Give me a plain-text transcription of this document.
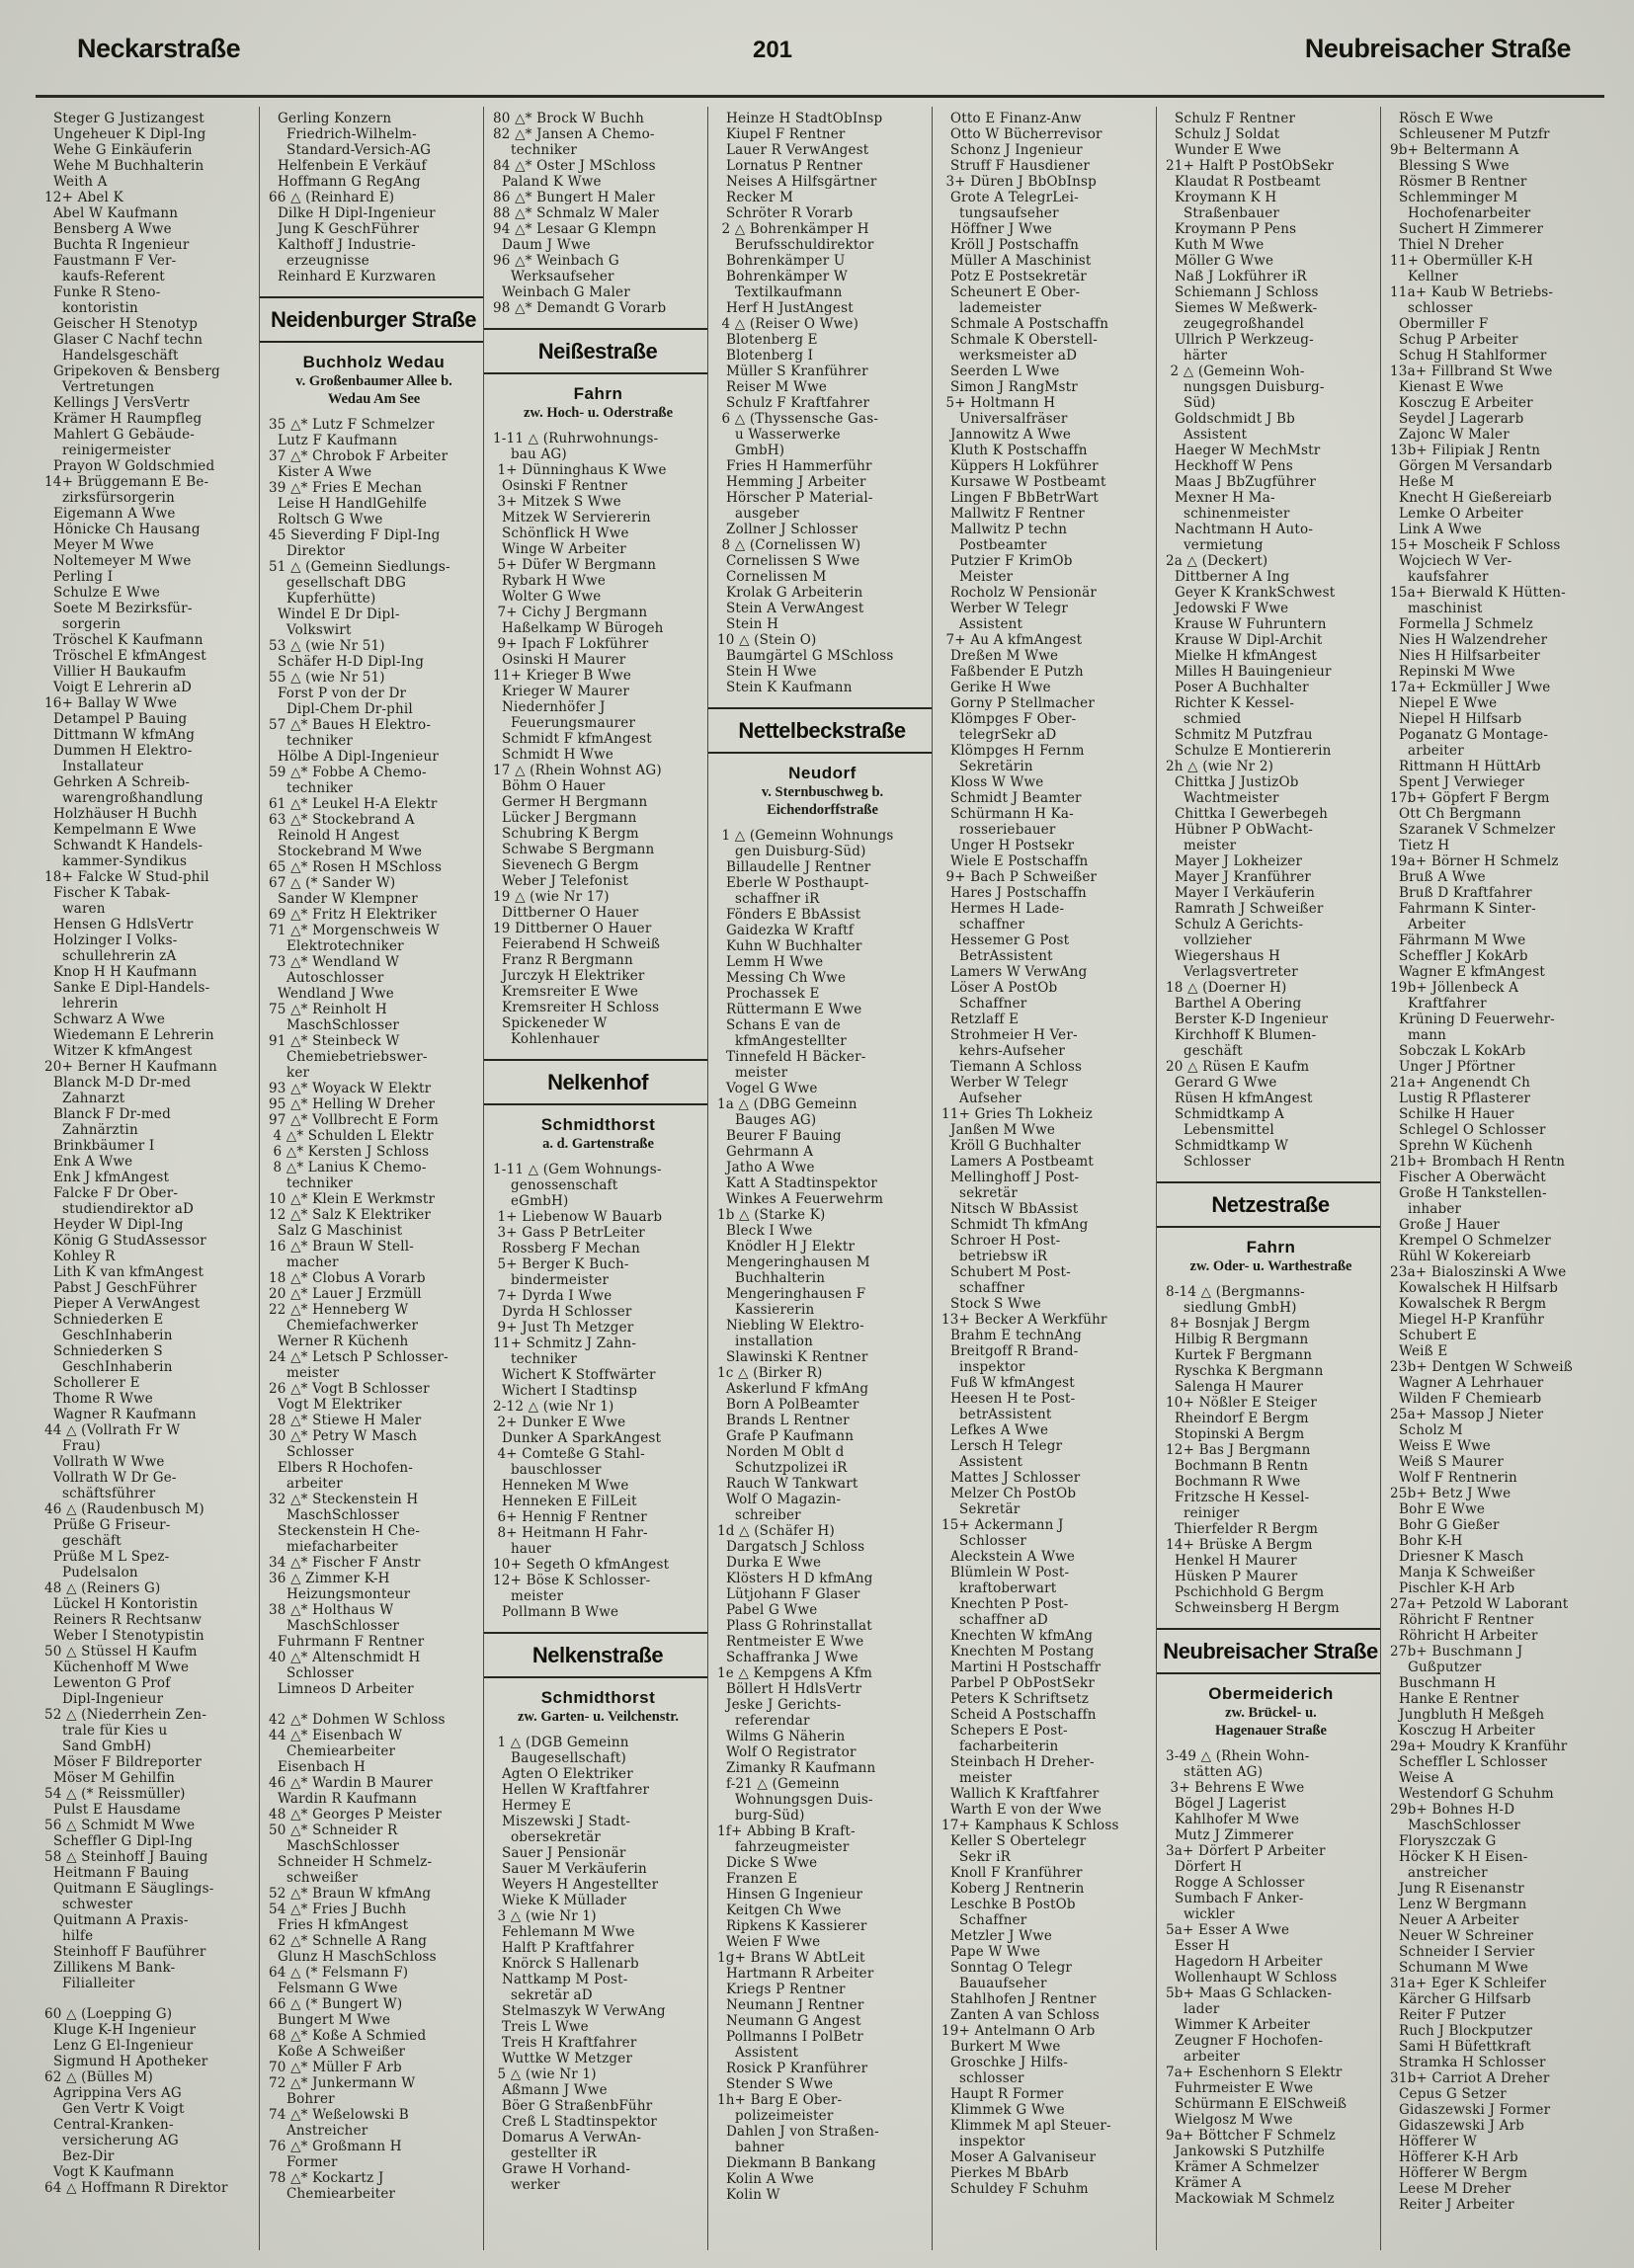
Neckarstraße	201	Neubreisacher Straße
Steger G Justizangest
Ungeheuer K Dipl-Ing
Wehe G Einkäuferin
Wehe M Buchhalterin
Weith A
12+ Abel K
Abel W Kaufmann
Bensberg A Wwe
Buchta R Ingenieur
Faustmann F Ver-
kaufs-Referent
Funke R Steno-
kontoristin
Geischer H Stenotyp
Glaser C Nachf techn
Handelsgeschäft
Gripekoven & Bensberg
Vertretungen
Kellings J VersVertr
Krämer H Raumpfleg
Mahlert G Gebäude-
reinigermeister
Prayon W Goldschmied
14+ Brüggemann E Be-
zirksfürsorgerin
Eigemann A Wwe
Hönicke Ch Hausang
Meyer M Wwe
Noltemeyer M Wwe
Perling I
Schulze E Wwe
Soete M Bezirksfür-
sorgerin
Tröschel K Kaufmann
Tröschel E kfmAngest
Villier H Baukaufm
Voigt E Lehrerin aD
16+ Ballay W Wwe
Detampel P Bauing
Dittmann W kfmAng
Dummen H Elektro-
Installateur
Gehrken A Schreib-
warengroßhandlung
Holzhäuser H Buchh
Kempelmann E Wwe
Schwandt K Handels-
kammer-Syndikus
18+ Falcke W Stud-phil
Fischer K Tabak-
waren
Hensen G HdlsVertr
Holzinger I Volks-
schullehrerin zA
Knop H H Kaufmann
Sanke E Dipl-Handels-
lehrerin
Schwarz A Wwe
Wiedemann E Lehrerin
Witzer K kfmAngest
20+ Berner H Kaufmann
Blanck M-D Dr-med
Zahnarzt
Blanck F Dr-med
Zahnärztin
Brinkbäumer I
Enk A Wwe
Enk J kfmAngest
Falcke F Dr Ober-
studiendirektor aD
Heyder W Dipl-Ing
König G StudAssessor
Kohley R
Lith K van kfmAngest
Pabst J GeschFührer
Pieper A VerwAngest
Schniederken E
GeschInhaberin
Schniederken S
GeschInhaberin
Schollerer E
Thome R Wwe
Wagner R Kaufmann
44 △ (Vollrath Fr W
Frau)
Vollrath W Wwe
Vollrath W Dr Ge-
schäftsführer
46 △ (Raudenbusch M)
Prüße G Friseur-
geschäft
Prüße M L Spez-
Pudelsalon
48 △ (Reiners G)
Lückel H Kontoristin
Reiners R Rechtsanw
Weber I Stenotypistin
50 △ Stüssel H Kaufm
Küchenhoff M Wwe
Lewenton G Prof
Dipl-Ingenieur
52 △ (Niederrhein Zen-
trale für Kies u
Sand GmbH)
Möser F Bildreporter
Möser M Gehilfin
54 △ (* Reissmüller)
Pulst E Hausdame
56 △ Schmidt M Wwe
Scheffler G Dipl-Ing
58 △ Steinhoff J Bauing
Heitmann F Bauing
Quitmann E Säuglings-
schwester
Quitmann A Praxis-
hilfe
Steinhoff F Bauführer
Zillikens M Bank-
Filialleiter
60 △ (Loepping G)
Kluge K-H Ingenieur
Lenz G El-Ingenieur
Sigmund H Apotheker
62 △ (Bülles M)
Agrippina Vers AG
Gen Vertr K Voigt
Central-Kranken-
versicherung AG
Bez-Dir
Vogt K Kaufmann
64 △ Hoffmann R Direktor
Gerling Konzern
Friedrich-Wilhelm-
Standard-Versich-AG
Helfenbein E Verkäuf
Hoffmann G RegAng
66 △ (Reinhard E)
Dilke H Dipl-Ingenieur
Jung K GeschFührer
Kalthoff J Industrie-
erzeugnisse
Reinhard E Kurzwaren
Neidenburger Straße
Buchholz Wedau
v. Großenbaumer Allee b.
Wedau Am See
35 △* Lutz F Schmelzer
Lutz F Kaufmann
37 △* Chrobok F Arbeiter
Kister A Wwe
39 △* Fries E Mechan
Leise H HandlGehilfe
Roltsch G Wwe
45 Sieverding F Dipl-Ing
Direktor
51 △ (Gemeinn Siedlungs-
gesellschaft DBG
Kupferhütte)
Windel E Dr Dipl-
Volkswirt
53 △ (wie Nr 51)
Schäfer H-D Dipl-Ing
55 △ (wie Nr 51)
Forst P von der Dr
Dipl-Chem Dr-phil
57 △* Baues H Elektro-
techniker
Hölbe A Dipl-Ingenieur
59 △* Fobbe A Chemo-
techniker
61 △* Leukel H-A Elektr
63 △* Stockebrand A
Reinold H Angest
Stockebrand M Wwe
65 △* Rosen H MSchloss
67 △ (* Sander W)
Sander W Klempner
69 △* Fritz H Elektriker
71 △* Morgenschweis W
Elektrotechniker
73 △* Wendland W
Autoschlosser
Wendland J Wwe
75 △* Reinholt H
MaschSchlosser
91 △* Steinbeck W
Chemiebetriebswer-
ker
93 △* Woyack W Elektr
95 △* Helling W Dreher
97 △* Vollbrecht E Form
4 △* Schulden L Elektr
6 △* Kersten J Schloss
8 △* Lanius K Chemo-
techniker
10 △* Klein E Werkmstr
12 △* Salz K Elektriker
Salz G Maschinist
16 △* Braun W Stell-
macher
18 △* Clobus A Vorarb
20 △* Lauer J Erzmüll
22 △* Henneberg W
Chemiefachwerker
Werner R Küchenh
24 △* Letsch P Schlosser-
meister
26 △* Vogt B Schlosser
Vogt M Elektriker
28 △* Stiewe H Maler
30 △* Petry W Masch
Schlosser
Elbers R Hochofen-
arbeiter
32 △* Steckenstein H
MaschSchlosser
Steckenstein H Che-
miefacharbeiter
34 △* Fischer F Anstr
36 △ Zimmer K-H
Heizungsmonteur
38 △* Holthaus W
MaschSchlosser
Fuhrmann F Rentner
40 △* Altenschmidt H
Schlosser
Limneos D Arbeiter
42 △* Dohmen W Schloss
44 △* Eisenbach W
Chemiearbeiter
Eisenbach H
46 △* Wardin B Maurer
Wardin R Kaufmann
48 △* Georges P Meister
50 △* Schneider R
MaschSchlosser
Schneider H Schmelz-
schweißer
52 △* Braun W kfmAng
54 △* Fries J Buchh
Fries H kfmAngest
62 △* Schnelle A Rang
Glunz H MaschSchloss
64 △ (* Felsmann F)
Felsmann G Wwe
66 △ (* Bungert W)
Bungert M Wwe
68 △* Koße A Schmied
Koße A Schweißer
70 △* Müller F Arb
72 △* Junkermann W
Bohrer
74 △* Weßelowski B
Anstreicher
76 △* Großmann H
Former
78 △* Kockartz J
Chemiearbeiter
80 △* Brock W Buchh
82 △* Jansen A Chemo-
techniker
84 △* Oster J MSchloss
Paland K Wwe
86 △* Bungert H Maler
88 △* Schmalz W Maler
94 △* Lesaar G Klempn
Daum J Wwe
96 △* Weinbach G
Werksaufseher
Weinbach G Maler
98 △* Demandt G Vorarb
Neißestraße
Fahrn
zw. Hoch- u. Oderstraße
1-11 △ (Ruhrwohnungs-
bau AG)
1+ Dünninghaus K Wwe
Osinski F Rentner
3+ Mitzek S Wwe
Mitzek W Serviererin
Schönflick H Wwe
Winge W Arbeiter
5+ Düfer W Bergmann
Rybark H Wwe
Wolter G Wwe
7+ Cichy J Bergmann
Haßelkamp W Bürogeh
9+ Ipach F Lokführer
Osinski H Maurer
11+ Krieger B Wwe
Krieger W Maurer
Niedernhöfer J
Feuerungsmaurer
Schmidt F kfmAngest
Schmidt H Wwe
17 △ (Rhein Wohnst AG)
Böhm O Hauer
Germer H Bergmann
Lücker J Bergmann
Schubring K Bergm
Schwabe S Bergmann
Sievenech G Bergm
Weber J Telefonist
19 △ (wie Nr 17)
Dittberner O Hauer
19 Dittberner O Hauer
Feierabend H Schweiß
Franz R Bergmann
Jurczyk H Elektriker
Kremsreiter E Wwe
Kremsreiter H Schloss
Spickeneder W
Kohlenhauer
Nelkenhof
Schmidthorst
a. d. Gartenstraße
1-11 △ (Gem Wohnungs-
genossenschaft
eGmbH)
1+ Liebenow W Bauarb
3+ Gass P BetrLeiter
Rossberg F Mechan
5+ Berger K Buch-
bindermeister
7+ Dyrda I Wwe
Dyrda H Schlosser
9+ Just Th Metzger
11+ Schmitz J Zahn-
techniker
Wichert K Stoffwärter
Wichert I Stadtinsp
2-12 △ (wie Nr 1)
2+ Dunker E Wwe
Dunker A SparkAngest
4+ Comteße G Stahl-
bauschlosser
Henneken M Wwe
Henneken E FilLeit
6+ Hennig F Rentner
8+ Heitmann H Fahr-
hauer
10+ Segeth O kfmAngest
12+ Böse K Schlosser-
meister
Pollmann B Wwe
Nelkenstraße
Schmidthorst
zw. Garten- u. Veilchenstr.
1 △ (DGB Gemeinn
Baugesellschaft)
Agten O Elektriker
Hellen W Kraftfahrer
Hermey E
Miszewski J Stadt-
obersekretär
Sauer J Pensionär
Sauer M Verkäuferin
Weyers H Angestellter
Wieke K Müllader
3 △ (wie Nr 1)
Fehlemann M Wwe
Halft P Kraftfahrer
Knörck S Hallenarb
Nattkamp M Post-
sekretär aD
Stelmaszyk W VerwAng
Treis L Wwe
Treis H Kraftfahrer
Wuttke W Metzger
5 △ (wie Nr 1)
Aßmann J Wwe
Böer G StraßenbFühr
Creß L Stadtinspektor
Domarus A VerwAn-
gestellter iR
Grawe H Vorhand-
werker
Heinze H StadtObInsp
Kiupel F Rentner
Lauer R VerwAngest
Lornatus P Rentner
Neises A Hilfsgärtner
Recker M
Schröter R Vorarb
2 △ Bohrenkämper H
Berufsschuldirektor
Bohrenkämper U
Bohrenkämper W
Textilkaufmann
Herf H JustAngest
4 △ (Reiser O Wwe)
Blotenberg E
Blotenberg I
Müller S Kranführer
Reiser M Wwe
Schulz F Kraftfahrer
6 △ (Thyssensche Gas-
u Wasserwerke
GmbH)
Fries H Hammerführ
Hemming J Arbeiter
Hörscher P Material-
ausgeber
Zollner J Schlosser
8 △ (Cornelissen W)
Cornelissen S Wwe
Cornelissen M
Krolak G Arbeiterin
Stein A VerwAngest
Stein H
10 △ (Stein O)
Baumgärtel G MSchloss
Stein H Wwe
Stein K Kaufmann
Nettelbeckstraße
Neudorf
v. Sternbuschweg b.
Eichendorffstraße
1 △ (Gemeinn Wohnungs
gen Duisburg-Süd)
Billaudelle J Rentner
Eberle W Posthaupt-
schaffner iR
Fönders E BbAssist
Gaidezka W Kraftf
Kuhn W Buchhalter
Lemm H Wwe
Messing Ch Wwe
Prochassek E
Rüttermann E Wwe
Schans E van de
kfmAngestellter
Tinnefeld H Bäcker-
meister
Vogel G Wwe
1a △ (DBG Gemeinn
Bauges AG)
Beurer F Bauing
Gehrmann A
Jatho A Wwe
Katt A Stadtinspektor
Winkes A Feuerwehrm
1b △ (Starke K)
Bleck I Wwe
Knödler H J Elektr
Mengeringhausen M
Buchhalterin
Mengeringhausen F
Kassiererin
Niebling W Elektro-
installation
Slawinski K Rentner
1c △ (Birker R)
Askerlund F kfmAng
Born A PolBeamter
Brands L Rentner
Grafe P Kaufmann
Norden M Oblt d
Schutzpolizei iR
Rauch W Tankwart
Wolf O Magazin-
schreiber
1d △ (Schäfer H)
Dargatsch J Schloss
Durka E Wwe
Klösters H D kfmAng
Lütjohann F Glaser
Pabel G Wwe
Plass G Rohrinstallat
Rentmeister E Wwe
Schaffranka J Wwe
1e △ Kempgens A Kfm
Böllert H HdlsVertr
Jeske J Gerichts-
referendar
Wilms G Näherin
Wolf O Registrator
Zimanky R Kaufmann
f-21 △ (Gemeinn
Wohnungsgen Duis-
burg-Süd)
1f+ Abbing B Kraft-
fahrzeugmeister
Dicke S Wwe
Franzen E
Hinsen G Ingenieur
Keitgen Ch Wwe
Ripkens K Kassierer
Weien F Wwe
1g+ Brans W AbtLeit
Hartmann R Arbeiter
Kriegs P Rentner
Neumann J Rentner
Neumann G Angest
Pollmanns I PolBetr
Assistent
Rosick P Kranführer
Stender S Wwe
1h+ Barg E Ober-
polizeimeister
Dahlen J von Straßen-
bahner
Diekmann B Bankang
Kolin A Wwe
Kolin W
Otto E Finanz-Anw
Otto W Bücherrevisor
Schonz J Ingenieur
Struff F Hausdiener
3+ Düren J BbObInsp
Grote A TelegrLei-
tungsaufseher
Höffner J Wwe
Kröll J Postschaffn
Müller A Maschinist
Potz E Postsekretär
Scheunert E Ober-
lademeister
Schmale A Postschaffn
Schmale K Oberstell-
werksmeister aD
Seerden L Wwe
Simon J RangMstr
5+ Holtmann H
Universalfräser
Jannowitz A Wwe
Kluth K Postschaffn
Küppers H Lokführer
Kursawe W Postbeamt
Lingen F BbBetrWart
Mallwitz F Rentner
Mallwitz P techn
Postbeamter
Putzier F KrimOb
Meister
Rocholz W Pensionär
Werber W Telegr
Assistent
7+ Au A kfmAngest
Dreßen M Wwe
Faßbender E Putzh
Gerike H Wwe
Gorny P Stellmacher
Klömpges F Ober-
telegrSekr aD
Klömpges H Fernm
Sekretärin
Kloss W Wwe
Schmidt J Beamter
Schürmann H Ka-
rosseriebauer
Unger H Postsekr
Wiele E Postschaffn
9+ Bach P Schweißer
Hares J Postschaffn
Hermes H Lade-
schaffner
Hessemer G Post
BetrAssistent
Lamers W VerwAng
Löser A PostOb
Schaffner
Retzlaff E
Strohmeier H Ver-
kehrs-Aufseher
Tiemann A Schloss
Werber W Telegr
Aufseher
11+ Gries Th Lokheiz
Janßen M Wwe
Kröll G Buchhalter
Lamers A Postbeamt
Mellinghoff J Post-
sekretär
Nitsch W BbAssist
Schmidt Th kfmAng
Schroer H Post-
betriebsw iR
Schubert M Post-
schaffner
Stock S Wwe
13+ Becker A Werkführ
Brahm E technAng
Breitgoff R Brand-
inspektor
Fuß W kfmAngest
Heesen H te Post-
betrAssistent
Lefkes A Wwe
Lersch H Telegr
Assistent
Mattes J Schlosser
Melzer Ch PostOb
Sekretär
15+ Ackermann J
Schlosser
Aleckstein A Wwe
Blümlein W Post-
kraftoberwart
Knechten P Post-
schaffner aD
Knechten W kfmAng
Knechten M Postang
Martini H Postschaffr
Parbel P ObPostSekr
Peters K Schriftsetz
Scheid A Postschaffn
Schepers E Post-
facharbeiterin
Steinbach H Dreher-
meister
Wallich K Kraftfahrer
Warth E von der Wwe
17+ Kamphaus K Schloss
Keller S Obertelegr
Sekr iR
Knoll F Kranführer
Koberg J Rentnerin
Leschke B PostOb
Schaffner
Metzler J Wwe
Pape W Wwe
Sonntag O Telegr
Bauaufseher
Stahlhofen J Rentner
Zanten A van Schloss
19+ Antelmann O Arb
Burkert M Wwe
Groschke J Hilfs-
schlosser
Haupt R Former
Klimmek G Wwe
Klimmek M apl Steuer-
inspektor
Moser A Galvaniseur
Pierkes M BbArb
Schuldey F Schuhm
Schulz F Rentner
Schulz J Soldat
Wunder E Wwe
21+ Halft P PostObSekr
Klaudat R Postbeamt
Kroymann K H
Straßenbauer
Kroymann P Pens
Kuth M Wwe
Möller G Wwe
Naß J Lokführer iR
Schiemann J Schloss
Siemes W Meßwerk-
zeugegroßhandel
Ullrich P Werkzeug-
härter
2 △ (Gemeinn Woh-
nungsgen Duisburg-
Süd)
Goldschmidt J Bb
Assistent
Haeger W MechMstr
Heckhoff W Pens
Maas J BbZugführer
Mexner H Ma-
schinenmeister
Nachtmann H Auto-
vermietung
2a △ (Deckert)
Dittberner A Ing
Geyer K KrankSchwest
Jedowski F Wwe
Krause W Fuhruntern
Krause W Dipl-Archit
Mielke H kfmAngest
Milles H Bauingenieur
Poser A Buchhalter
Richter K Kessel-
schmied
Schmitz M Putzfrau
Schulze E Montiererin
2h △ (wie Nr 2)
Chittka J JustizOb
Wachtmeister
Chittka I Gewerbegeh
Hübner P ObWacht-
meister
Mayer J Lokheizer
Mayer J Kranführer
Mayer I Verkäuferin
Ramrath J Schweißer
Schulz A Gerichts-
vollzieher
Wiegershaus H
Verlagsvertreter
18 △ (Doerner H)
Barthel A Obering
Berster K-D Ingenieur
Kirchhoff K Blumen-
geschäft
20 △ Rüsen E Kaufm
Gerard G Wwe
Rüsen H kfmAngest
Schmidtkamp A
Lebensmittel
Schmidtkamp W
Schlosser
Netzestraße
Fahrn
zw. Oder- u. Warthestraße
8-14 △ (Bergmanns-
siedlung GmbH)
8+ Bosnjak J Bergm
Hilbig R Bergmann
Kurtek F Bergmann
Ryschka K Bergmann
Salenga H Maurer
10+ Nößler E Steiger
Rheindorf E Bergm
Stopinski A Bergm
12+ Bas J Bergmann
Bochmann B Rentn
Bochmann R Wwe
Fritzsche H Kessel-
reiniger
Thierfelder R Bergm
14+ Brüske A Bergm
Henkel H Maurer
Hüsken P Maurer
Pschichhold G Bergm
Schweinsberg H Bergm
Neubreisacher Straße
Obermeiderich
zw. Brückel- u.
Hagenauer Straße
3-49 △ (Rhein Wohn-
stätten AG)
3+ Behrens E Wwe
Bögel J Lagerist
Kahlhofer M Wwe
Mutz J Zimmerer
3a+ Dörfert P Arbeiter
Dörfert H
Rogge A Schlosser
Sumbach F Anker-
wickler
5a+ Esser A Wwe
Esser H
Hagedorn H Arbeiter
Wollenhaupt W Schloss
5b+ Maas G Schlacken-
lader
Wimmer K Arbeiter
Zeugner F Hochofen-
arbeiter
7a+ Eschenhorn S Elektr
Fuhrmeister E Wwe
Schürmann E ElSchweiß
Wielgosz M Wwe
9a+ Böttcher F Schmelz
Jankowski S Putzhilfe
Krämer A Schmelzer
Krämer A
Mackowiak M Schmelz
Rösch E Wwe
Schleusener M Putzfr
9b+ Beltermann A
Blessing S Wwe
Rösmer B Rentner
Schlemminger M
Hochofenarbeiter
Suchert H Zimmerer
Thiel N Dreher
11+ Obermüller K-H
Kellner
11a+ Kaub W Betriebs-
schlosser
Obermiller F
Schug P Arbeiter
Schug H Stahlformer
13a+ Fillbrand St Wwe
Kienast E Wwe
Kosczug E Arbeiter
Seydel J Lagerarb
Zajonc W Maler
13b+ Filipiak J Rentn
Görgen M Versandarb
Heße M
Knecht H Gießereiarb
Lemke O Arbeiter
Link A Wwe
15+ Moscheik F Schloss
Wojciech W Ver-
kaufsfahrer
15a+ Bierwald K Hütten-
maschinist
Formella J Schmelz
Nies H Walzendreher
Nies H Hilfsarbeiter
Repinski M Wwe
17a+ Eckmüller J Wwe
Niepel E Wwe
Niepel H Hilfsarb
Poganatz G Montage-
arbeiter
Rittmann H HüttArb
Spent J Verwieger
17b+ Göpfert F Bergm
Ott Ch Bergmann
Szaranek V Schmelzer
Tietz H
19a+ Börner H Schmelz
Bruß A Wwe
Bruß D Kraftfahrer
Fahrmann K Sinter-
Arbeiter
Fährmann M Wwe
Scheffler J KokArb
Wagner E kfmAngest
19b+ Jöllenbeck A
Kraftfahrer
Krüning D Feuerwehr-
mann
Sobczak L KokArb
Unger J Pförtner
21a+ Angenendt Ch
Lustig R Pflasterer
Schilke H Hauer
Schlegel O Schlosser
Sprehn W Küchenh
21b+ Brombach H Rentn
Fischer A Oberwächt
Große H Tankstellen-
inhaber
Große J Hauer
Krempel O Schmelzer
Rühl W Kokereiarb
23a+ Bialoszinski A Wwe
Kowalschek H Hilfsarb
Kowalschek R Bergm
Miegel H-P Kranführ
Schubert E
Weiß E
23b+ Dentgen W Schweiß
Wagner A Lehrhauer
Wilden F Chemiearb
25a+ Massop J Nieter
Scholz M
Weiss E Wwe
Weiß S Maurer
Wolf F Rentnerin
25b+ Betz J Wwe
Bohr E Wwe
Bohr G Gießer
Bohr K-H
Driesner K Masch
Manja K Schweißer
Pischler K-H Arb
27a+ Petzold W Laborant
Röhricht F Rentner
Röhricht H Arbeiter
27b+ Buschmann J
Gußputzer
Buschmann H
Hanke E Rentner
Jungbluth H Meßgeh
Kosczug H Arbeiter
29a+ Moudry K Kranführ
Scheffler L Schlosser
Weise A
Westendorf G Schuhm
29b+ Bohnes H-D
MaschSchlosser
Floryszczak G
Höcker K H Eisen-
anstreicher
Jung R Eisenanstr
Lenz W Bergmann
Neuer A Arbeiter
Neuer W Schreiner
Schneider I Servier
Schumann M Wwe
31a+ Eger K Schleifer
Kärcher G Hilfsarb
Reiter F Putzer
Ruch J Blockputzer
Sami H Büfettkraft
Stramka H Schlosser
31b+ Carriot A Dreher
Cepus G Setzer
Gidaszewski J Former
Gidaszewski J Arb
Höfferer W
Höfferer K-H Arb
Höfferer W Bergm
Leese M Dreher
Reiter J Arbeiter
